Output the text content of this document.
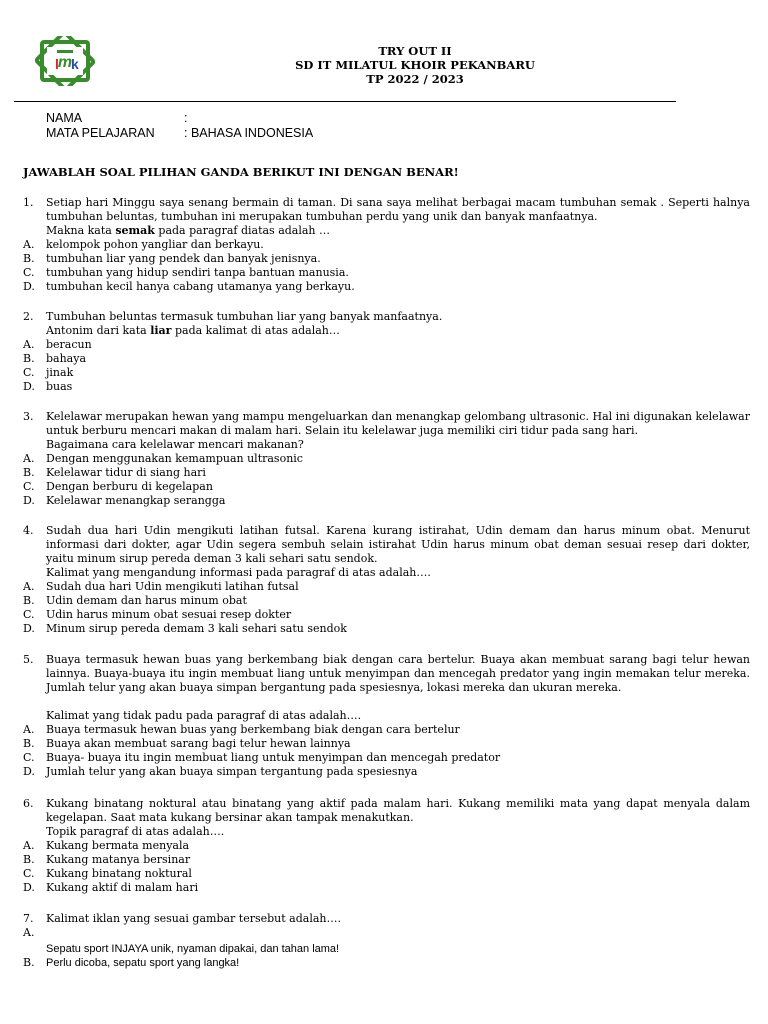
m
l k
TRY OUT II
SD IT MILATUL KHOIR PEKANBARU
TP 2022 / 2023
NAMA	:
MATA PELAJARAN	: BAHASA INDONESIA
JAWABLAH SOAL PILIHAN GANDA BERIKUT INI DENGAN BENAR!
1. Setiap hari Minggu saya senang bermain di taman. Di sana saya melihat berbagai macam tumbuhan semak . Seperti halnya tumbuhan beluntas, tumbuhan ini merupakan tumbuhan perdu yang unik dan banyak manfaatnya.
Makna kata semak pada paragraf diatas adalah …
A.	kelompok pohon yangliar dan berkayu.
B.	tumbuhan liar yang pendek dan banyak jenisnya.
C.	tumbuhan yang hidup sendiri tanpa bantuan manusia.
D.	tumbuhan kecil hanya cabang utamanya yang berkayu.
2. Tumbuhan beluntas termasuk tumbuhan liar yang banyak manfaatnya.
Antonim dari kata liar pada kalimat di atas adalah…
A.	beracun
B.	bahaya
C.	jinak
D.	buas
3. Kelelawar merupakan hewan yang mampu mengeluarkan dan menangkap gelombang ultrasonic. Hal ini digunakan kelelawar untuk berburu mencari makan di malam hari. Selain itu kelelawar juga memiliki ciri tidur pada sang hari.
Bagaimana cara kelelawar mencari makanan?
A.	Dengan menggunakan kemampuan ultrasonic
B.	Kelelawar tidur di siang hari
C.	Dengan berburu di kegelapan
D.	Kelelawar menangkap serangga
4. Sudah dua hari Udin mengikuti latihan futsal. Karena kurang istirahat, Udin demam dan harus minum obat. Menurut informasi dari dokter, agar Udin segera sembuh selain istirahat Udin harus minum obat deman sesuai resep dari dokter, yaitu minum sirup pereda deman 3 kali sehari satu sendok.
Kalimat yang mengandung informasi pada paragraf di atas adalah….
A.	Sudah dua hari Udin mengikuti latihan futsal
B.	Udin demam dan harus minum obat
C.	Udin harus minum obat sesuai resep dokter
D.	Minum sirup pereda demam 3 kali sehari satu sendok
5. Buaya termasuk hewan buas yang berkembang biak dengan cara bertelur. Buaya akan membuat sarang bagi telur hewan lainnya. Buaya-buaya itu ingin membuat liang untuk menyimpan dan mencegah predator yang ingin memakan telur mereka. Jumlah telur yang akan buaya simpan bergantung pada spesiesnya, lokasi mereka dan ukuran mereka.
Kalimat yang tidak padu pada paragraf di atas adalah….
A.	Buaya termasuk hewan buas yang berkembang biak dengan cara bertelur
B.	Buaya akan membuat sarang bagi telur hewan lainnya
C.	Buaya- buaya itu ingin membuat liang untuk menyimpan dan mencegah predator
D.	Jumlah telur yang akan buaya simpan tergantung pada spesiesnya
6. Kukang binatang noktural atau binatang yang aktif pada malam hari. Kukang memiliki mata yang dapat menyala dalam kegelapan. Saat mata kukang bersinar akan tampak menakutkan.
Topik paragraf di atas adalah….
A.	Kukang bermata menyala
B.	Kukang matanya bersinar
C.	Kukang binatang noktural
D.	Kukang aktif di malam hari
7. Kalimat iklan yang sesuai gambar tersebut adalah….
A.
Sepatu sport INJAYA unik, nyaman dipakai, dan tahan lama!
B.	Perlu dicoba, sepatu sport yang langka!
